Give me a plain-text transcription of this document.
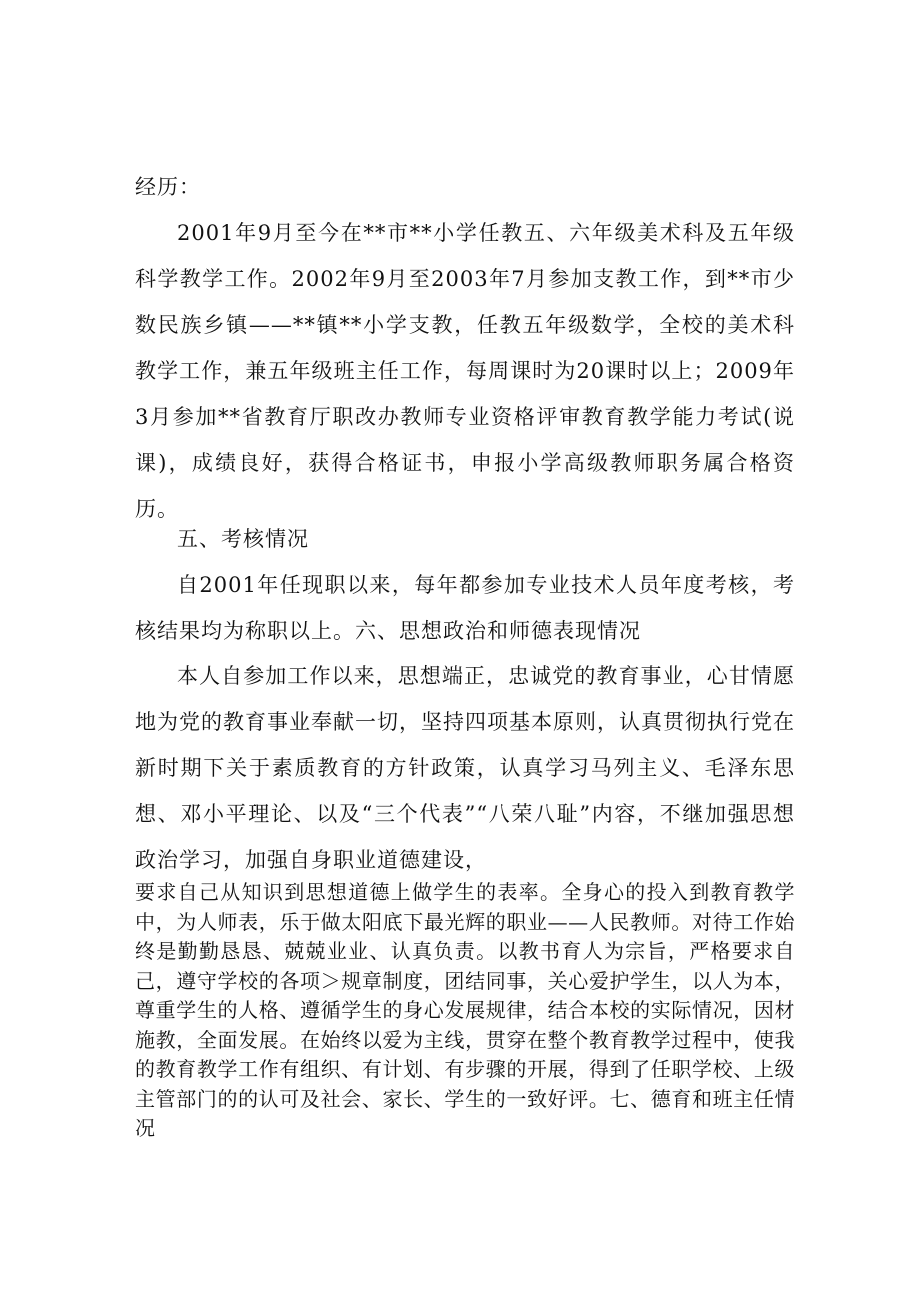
经历：

2001年9月至今在**市**小学任教五、六年级美术科及五年级科学教学工作。2002年9月至2003年7月参加支教工作，到**市少数民族乡镇——**镇**小学支教，任教五年级数学，全校的美术科教学工作，兼五年级班主任工作，每周课时为20课时以上；2009年3月参加**省教育厅职改办教师专业资格评审教育教学能力考试(说课)，成绩良好，获得合格证书，申报小学高级教师职务属合格资历。

五、考核情况

自2001年任现职以来，每年都参加专业技术人员年度考核，考核结果均为称职以上。六、思想政治和师德表现情况

本人自参加工作以来，思想端正，忠诚党的教育事业，心甘情愿地为党的教育事业奉献一切，坚持四项基本原则，认真贯彻执行党在新时期下关于素质教育的方针政策，认真学习马列主义、毛泽东思想、邓小平理论、以及“三个代表”“八荣八耻”内容，不继加强思想政治学习，加强自身职业道德建设，

要求自己从知识到思想道德上做学生的表率。全身心的投入到教育教学中，为人师表，乐于做太阳底下最光辉的职业——人民教师。对待工作始终是勤勤恳恳、兢兢业业、认真负责。以教书育人为宗旨，严格要求自己，遵守学校的各项＞规章制度，团结同事，关心爱护学生，以人为本，尊重学生的人格、遵循学生的身心发展规律，结合本校的实际情况，因材施教，全面发展。在始终以爱为主线，贯穿在整个教育教学过程中，使我的教育教学工作有组织、有计划、有步骤的开展，得到了任职学校、上级主管部门的的认可及社会、家长、学生的一致好评。七、德育和班主任情况
